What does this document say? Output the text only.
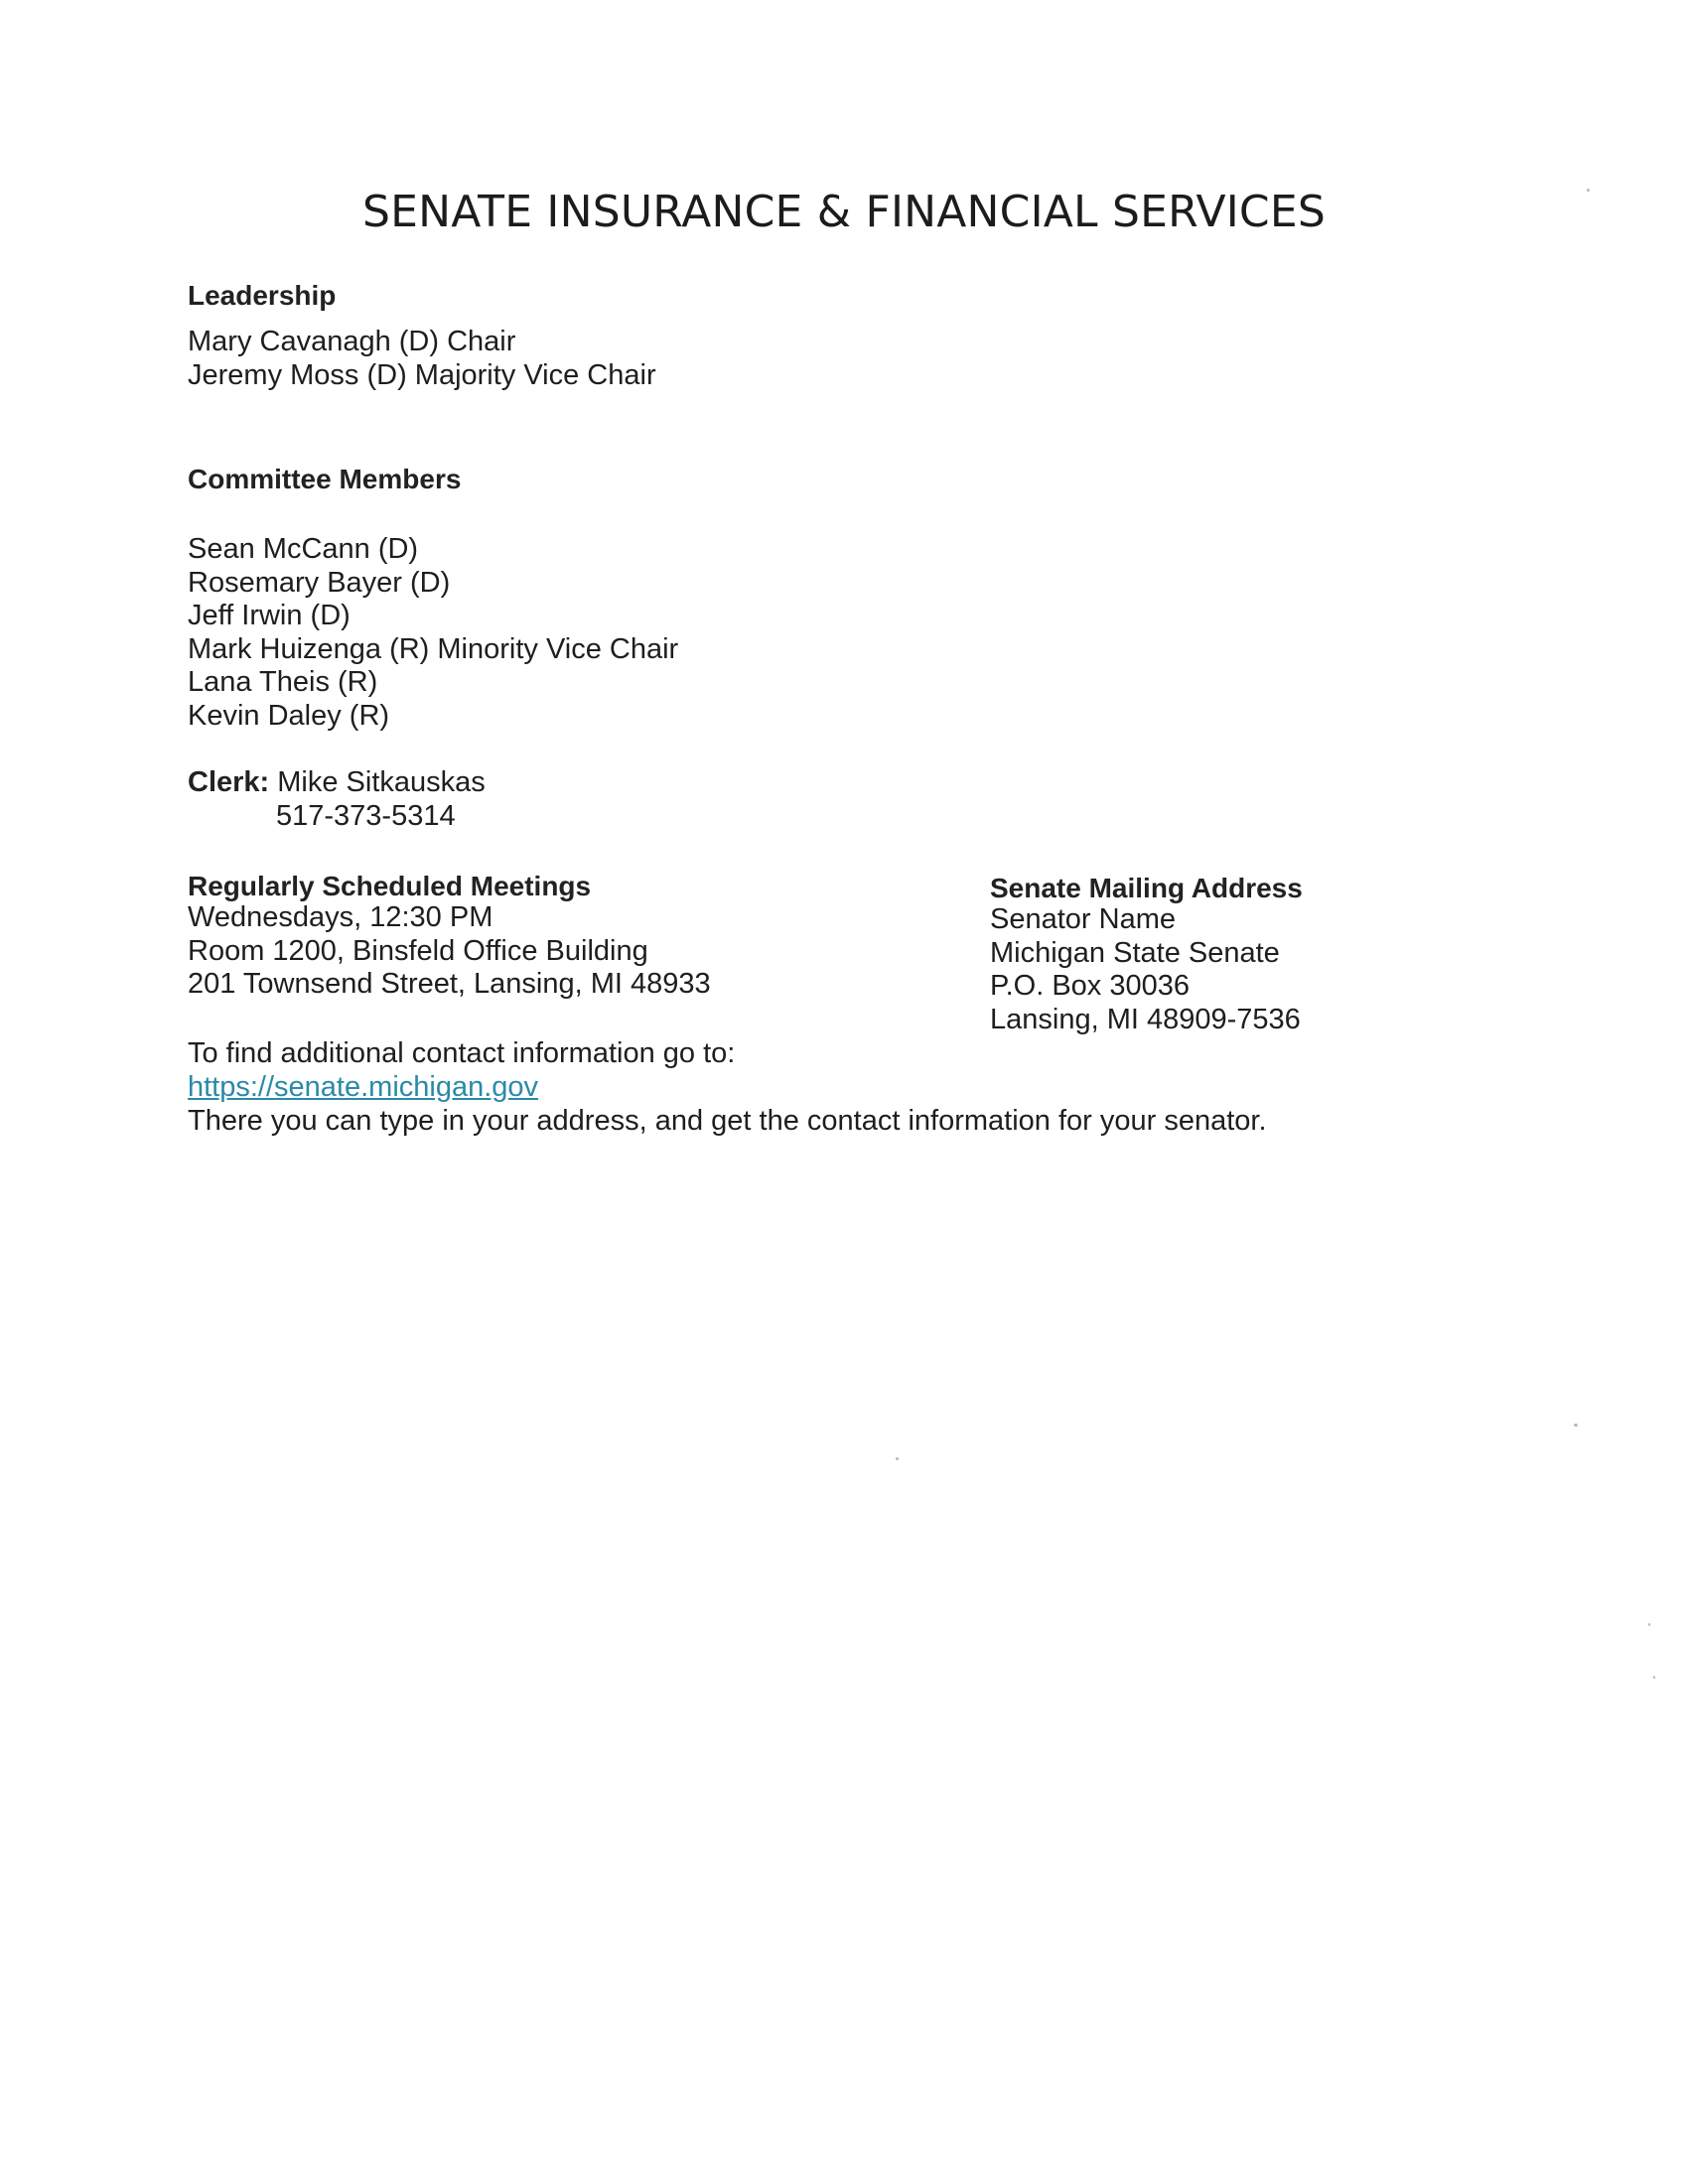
SENATE INSURANCE & FINANCIAL SERVICES
Leadership
Mary Cavanagh (D) Chair
Jeremy Moss (D) Majority Vice Chair
Committee Members
Sean McCann (D)
Rosemary Bayer (D)
Jeff Irwin (D)
Mark Huizenga (R) Minority Vice Chair
Lana Theis (R)
Kevin Daley (R)
Clerk: Mike Sitkauskas
517-373-5314
Regularly Scheduled Meetings
Wednesdays, 12:30 PM
Room 1200, Binsfeld Office Building
201 Townsend Street, Lansing, MI 48933
Senate Mailing Address
Senator Name
Michigan State Senate
P.O. Box 30036
Lansing, MI 48909-7536
To find additional contact information go to:
https://senate.michigan.gov
There you can type in your address, and get the contact information for your senator.
